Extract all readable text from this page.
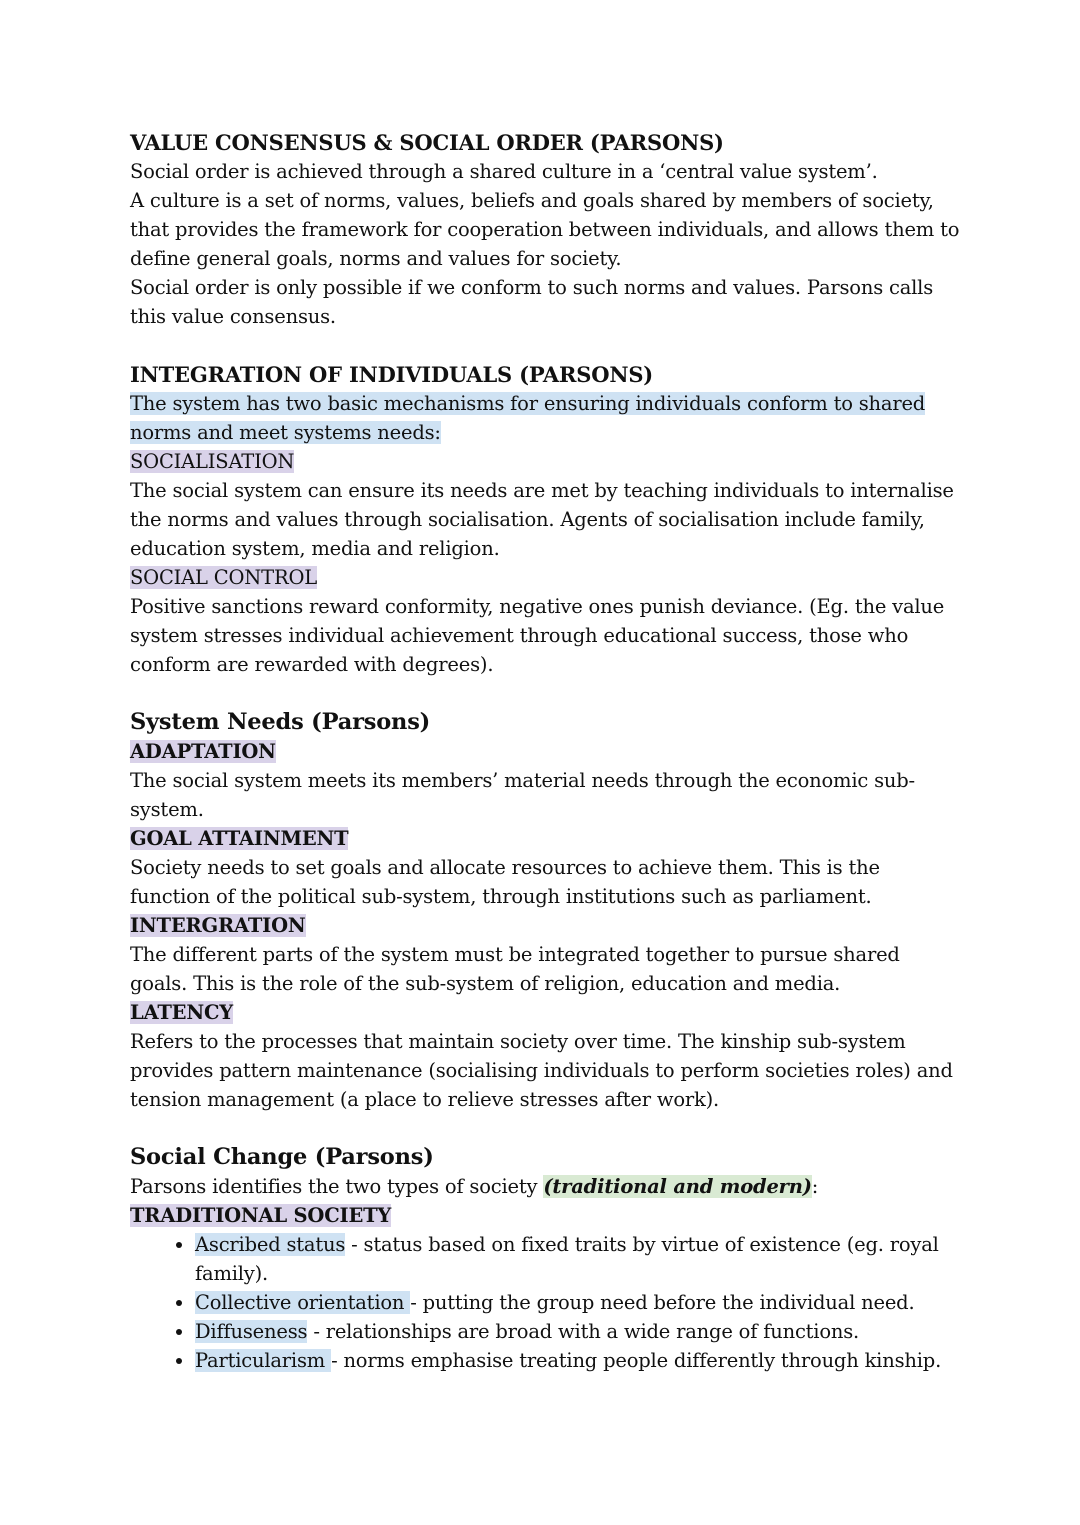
VALUE CONSENSUS & SOCIAL ORDER (PARSONS)
Social order is achieved through a shared culture in a ‘central value system’.
A culture is a set of norms, values, beliefs and goals shared by members of society, that provides the framework for cooperation between individuals, and allows them to define general goals, norms and values for society.
Social order is only possible if we conform to such norms and values. Parsons calls this value consensus.
INTEGRATION OF INDIVIDUALS (PARSONS)
The system has two basic mechanisms for ensuring individuals conform to shared norms and meet systems needs:
SOCIALISATION
The social system can ensure its needs are met by teaching individuals to internalise the norms and values through socialisation. Agents of socialisation include family, education system, media and religion.
SOCIAL CONTROL
Positive sanctions reward conformity, negative ones punish deviance. (Eg. the value system stresses individual achievement through educational success, those who conform are rewarded with degrees).
System Needs (Parsons)
ADAPTATION
The social system meets its members’ material needs through the economic sub-system.
GOAL ATTAINMENT
Society needs to set goals and allocate resources to achieve them. This is the function of the political sub-system, through institutions such as parliament.
INTERGRATION
The different parts of the system must be integrated together to pursue shared goals. This is the role of the sub-system of religion, education and media.
LATENCY
Refers to the processes that maintain society over time. The kinship sub-system provides pattern maintenance (socialising individuals to perform societies roles) and tension management (a place to relieve stresses after work).
Social Change (Parsons)
Parsons identifies the two types of society (traditional and modern):
TRADITIONAL SOCIETY
• Ascribed status - status based on fixed traits by virtue of existence (eg. royal family).
• Collective orientation - putting the group need before the individual need.
• Diffuseness - relationships are broad with a wide range of functions.
• Particularism - norms emphasise treating people differently through kinship.
